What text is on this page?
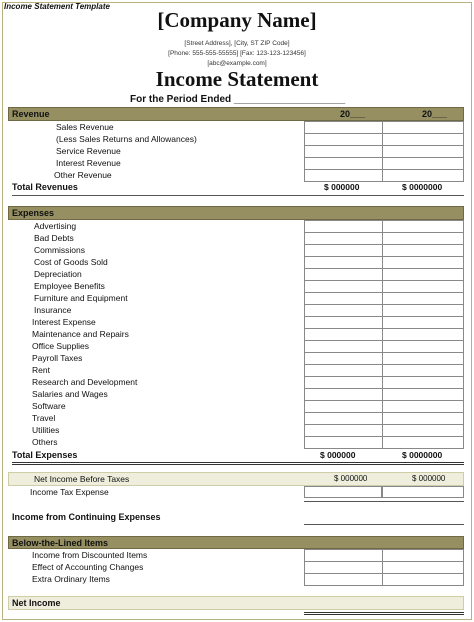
Income Statement Template
[Company Name]
[Street Address], [City, ST ZIP Code]
[Phone: 555-555-55555] [Fax: 123-123-123456]
[abc@example.com]
Income Statement
For the Period Ended ____________________
Revenue	20___	20___
Sales Revenue
(Less Sales Returns and Allowances)
Service Revenue
Interest Revenue
Other Revenue
Total Revenues	$ 000000	$ 0000000
Expenses
Advertising
Bad Debts
Commissions
Cost of Goods Sold
Depreciation
Employee Benefits
Furniture and Equipment
Insurance
Interest Expense
Maintenance and Repairs
Office Supplies
Payroll Taxes
Rent
Research and Development
Salaries and Wages
Software
Travel
Utilities
Others
Total Expenses	$ 000000	$ 0000000
Net Income Before Taxes	$ 000000	$ 000000
Income Tax Expense
Income from Continuing Expenses
Below-the-Lined Items
Income from Discounted Items
Effect of Accounting Changes
Extra Ordinary Items
Net Income
